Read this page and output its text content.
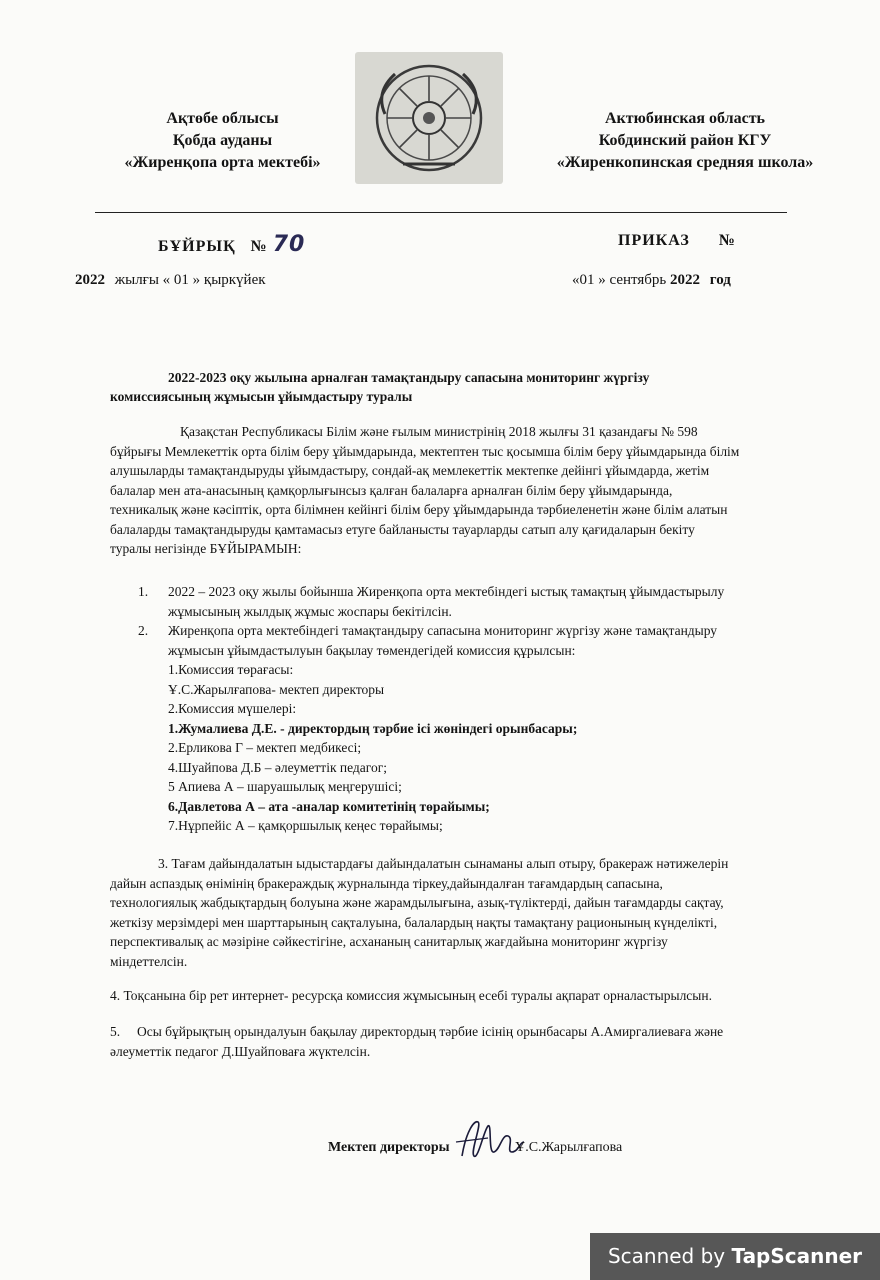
Ақтөбе облысы
Қобда ауданы
«Жиренқопа орта мектебі»
Актюбинская область
Кобдинский район КГУ
«Жиренкопинская средняя школа»
БҰЙРЫҚ № 70	ПРИКАЗ №
2022 жылғы « 01 » қыркүйек	«01 » сентябрь 2022 год
2022-2023 оқу жылына арналған тамақтандыру сапасына мониторинг жүргізу
комиссиясының жұмысын ұйымдастыру туралы
Қазақстан Республикасы Білім және ғылым министрінің 2018 жылғы 31 қазандағы № 598
бұйрығы Мемлекеттік орта білім беру ұйымдарында, мектептен тыс қосымша білім беру ұйымдарында білім
алушыларды тамақтандыруды ұйымдастыру, сондай-ақ мемлекеттік мектепке дейінгі ұйымдарда, жетім
балалар мен ата-анасының қамқорлығынсыз қалған балаларға арналған білім беру ұйымдарында,
техникалық және кәсіптік, орта білімнен кейінгі білім беру ұйымдарында тәрбиеленетін және білім алатын
балаларды тамақтандыруды қамтамасыз етуге байланысты тауарларды сатып алу қағидаларын бекіту
туралы негізінде БҰЙЫРАМЫН:
1. 2022 – 2023 оқу жылы бойынша Жиренқопа орта мектебіндегі ыстық тамақтың ұйымдастырылу
жұмысының жылдық жұмыс жоспары бекітілсін.
2. Жиренқопа орта мектебіндегі тамақтандыру сапасына мониторинг жүргізу және тамақтандыру
жұмысын ұйымдастылуын бақылау төмендегідей комиссия құрылсын:
1.Комиссия төрағасы:
Ұ.С.Жарылғапова- мектеп директоры
2.Комиссия мүшелері:
1.Жумалиева Д.Е. - директордың тәрбие ісі жөніндегі орынбасары;
2.Ерликова Г – мектеп медбикесі;
4.Шуайпова Д.Б – әлеуметтік педагог;
5 Апиева А – шаруашылық меңгерушісі;
6.Давлетова А – ата -аналар комитетінің төрайымы;
7.Нұрпейіс А – қамқоршылық кеңес төрайымы;
3. Тағам дайындалатын ыдыстардағы дайындалатын сынаманы алып отыру, бракераж нәтижелерін
дайын аспаздық өнімінің бракераждық журналында тіркеу,дайындалған тағамдардың сапасына,
технологиялық жабдықтардың болуына және жарамдылығына, азық-түліктерді, дайын тағамдарды сақтау,
жеткізу мерзімдері мен шарттарының сақталуына, балалардың нақты тамақтану рационының күнделікті,
перспективалық ас мәзіріне сәйкестігіне, асхананың санитарлық жағдайына мониторинг жүргізу
міндеттелсін.
4. Тоқсанына бір рет интернет- ресурсқа комиссия жұмысының есебі туралы ақпарат орналастырылсын.
5.     Осы бұйрықтың орындалуын бақылау директордың тәрбие ісінің орынбасары А.Амиргалиеваға және
әлеуметтік педагог Д.Шуайповаға жүктелсін.
Мектеп директоры	Ұ.С.Жарылғапова
Scanned by TapScanner
